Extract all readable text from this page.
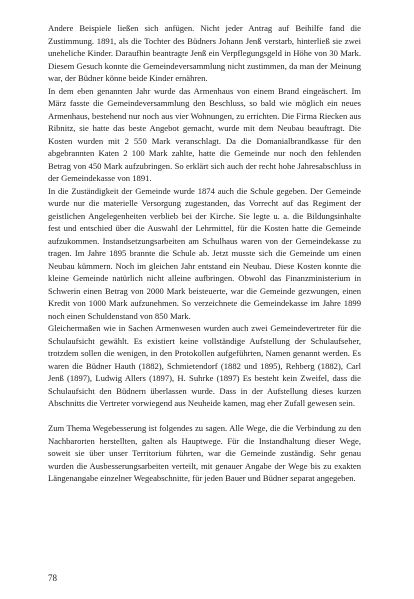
Andere Beispiele ließen sich anfügen. Nicht jeder Antrag auf Beihilfe fand die Zustimmung. 1891, als die Tochter des Büdners Johann Jenß verstarb, hinterließ sie zwei uneheliche Kinder. Daraufhin beantragte Jenß ein Verpflegungsgeld in Höhe von 30 Mark. Diesem Gesuch konnte die Gemeindeversammlung nicht zustimmen, da man der Meinung war, der Büdner könne beide Kinder ernähren.

In dem eben genannten Jahr wurde das Armenhaus von einem Brand eingeäschert. Im März fasste die Gemeindeversammlung den Beschluss, so bald wie möglich ein neues Armenhaus, bestehend nur noch aus vier Wohnungen, zu errichten. Die Firma Riecken aus Ribnitz, sie hatte das beste Angebot gemacht, wurde mit dem Neubau beauftragt. Die Kosten wurden mit 2 550 Mark veranschlagt. Da die Domanialbrandkasse für den abgebrannten Katen 2 100 Mark zahlte, hatte die Gemeinde nur noch den fehlenden Betrag von 450 Mark aufzubringen. So erklärt sich auch der recht hohe Jahresabschluss in der Gemeindekasse von 1891.

In die Zuständigkeit der Gemeinde wurde 1874 auch die Schule gegeben. Der Gemeinde wurde nur die materielle Versorgung zugestanden, das Vorrecht auf das Regiment der geistlichen Angelegenheiten verblieb bei der Kirche. Sie legte u. a. die Bildungsinhalte fest und entschied über die Auswahl der Lehrmittel, für die Kosten hatte die Gemeinde aufzukommen. Instandsetzungsarbeiten am Schulhaus waren von der Gemeindekasse zu tragen. Im Jahre 1895 brannte die Schule ab. Jetzt musste sich die Gemeinde um einen Neubau kümmern. Noch im gleichen Jahr entstand ein Neubau. Diese Kosten konnte die kleine Gemeinde natürlich nicht alleine aufbringen. Obwohl das Finanzministerium in Schwerin einen Betrag von 2000 Mark beisteuerte, war die Gemeinde gezwungen, einen Kredit von 1000 Mark aufzunehmen. So verzeichnete die Gemeindekasse im Jahre 1899 noch einen Schuldenstand von 850 Mark.

Gleichermaßen wie in Sachen Armenwesen wurden auch zwei Gemeindevertreter für die Schulaufsicht gewählt. Es existiert keine vollständige Aufstellung der Schulaufseher, trotzdem sollen die wenigen, in den Protokollen aufgeführten, Namen genannt werden. Es waren die Büdner Hauth (1882), Schmietendorf (1882 und 1895), Rehberg (1882), Carl Jenß (1897), Ludwig Allers (1897), H. Suhrke (1897) Es besteht kein Zweifel, dass die Schulaufsicht den Büdnern überlassen wurde. Dass in der Aufstellung dieses kurzen Abschnitts die Vertreter vorwiegend aus Neuheide kamen, mag eher Zufall gewesen sein.

Zum Thema Wegebesserung ist folgendes zu sagen. Alle Wege, die die Verbindung zu den Nachbarorten herstellten, galten als Hauptwege. Für die Instandhaltung dieser Wege, soweit sie über unser Territorium führten, war die Gemeinde zuständig. Sehr genau wurden die Ausbesserungsarbeiten verteilt, mit genauer Angabe der Wege bis zu exakten Längenangabe einzelner Wegeabschnitte, für jeden Bauer und Büdner separat angegeben.

78
